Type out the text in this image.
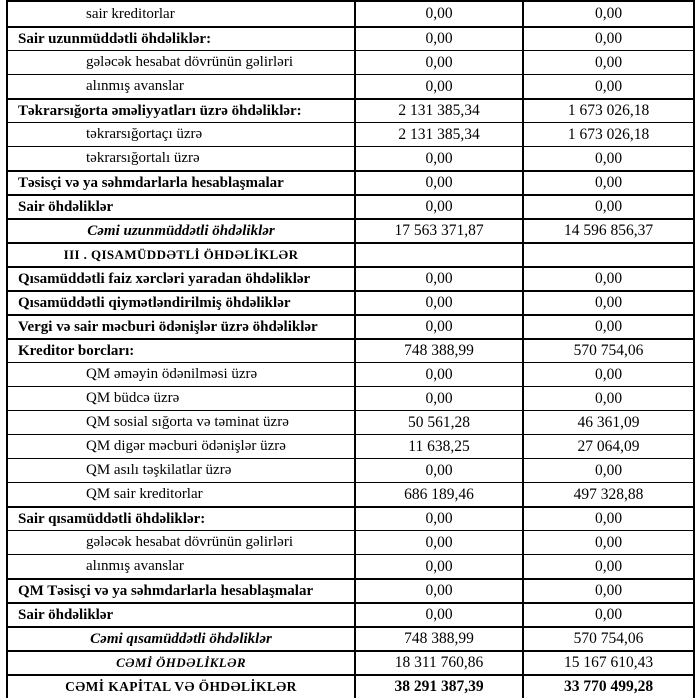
sair kreditorlar	0,00	0,00
Sair uzunmüddətli öhdəliklər:	0,00	0,00
gələcək hesabat dövrünün gəlirləri	0,00	0,00
alınmış avanslar	0,00	0,00
Təkrarsığorta əməliyyatları üzrə öhdəliklər:	2 131 385,34	1 673 026,18
təkrarsığortaçı üzrə	2 131 385,34	1 673 026,18
təkrarsığortalı üzrə	0,00	0,00
Təsisçi və ya səhmdarlarla hesablaşmalar	0,00	0,00
Sair öhdəliklər	0,00	0,00
Cəmi uzunmüddətli öhdəliklər	17 563 371,87	14 596 856,37
III . QISAMÜDDƏTLİ ÖHDƏLİKLƏR
Qısamüddətli faiz xərcləri yaradan öhdəliklər	0,00	0,00
Qısamüddətli qiymətləndirilmiş öhdəliklər	0,00	0,00
Vergi və sair məcburi ödənişlər üzrə öhdəliklər	0,00	0,00
Kreditor borcları:	748 388,99	570 754,06
QM əməyin ödənilməsi üzrə	0,00	0,00
QM büdcə üzrə	0,00	0,00
QM sosial sığorta və təminat üzrə	50 561,28	46 361,09
QM digər məcburi ödənişlər üzrə	11 638,25	27 064,09
QM asılı təşkilatlar üzrə	0,00	0,00
QM sair kreditorlar	686 189,46	497 328,88
Sair qısamüddətli öhdəliklər:	0,00	0,00
gələcək hesabat dövrünün gəlirləri	0,00	0,00
alınmış avanslar	0,00	0,00
QM Təsisçi və ya səhmdarlarla hesablaşmalar	0,00	0,00
Sair öhdəliklər	0,00	0,00
Cəmi qısamüddətli öhdəliklər	748 388,99	570 754,06
CƏMİ ÖHDƏLİKLƏR	18 311 760,86	15 167 610,43
CƏMİ KAPİTAL VƏ ÖHDƏLİKLƏR	38 291 387,39	33 770 499,28
